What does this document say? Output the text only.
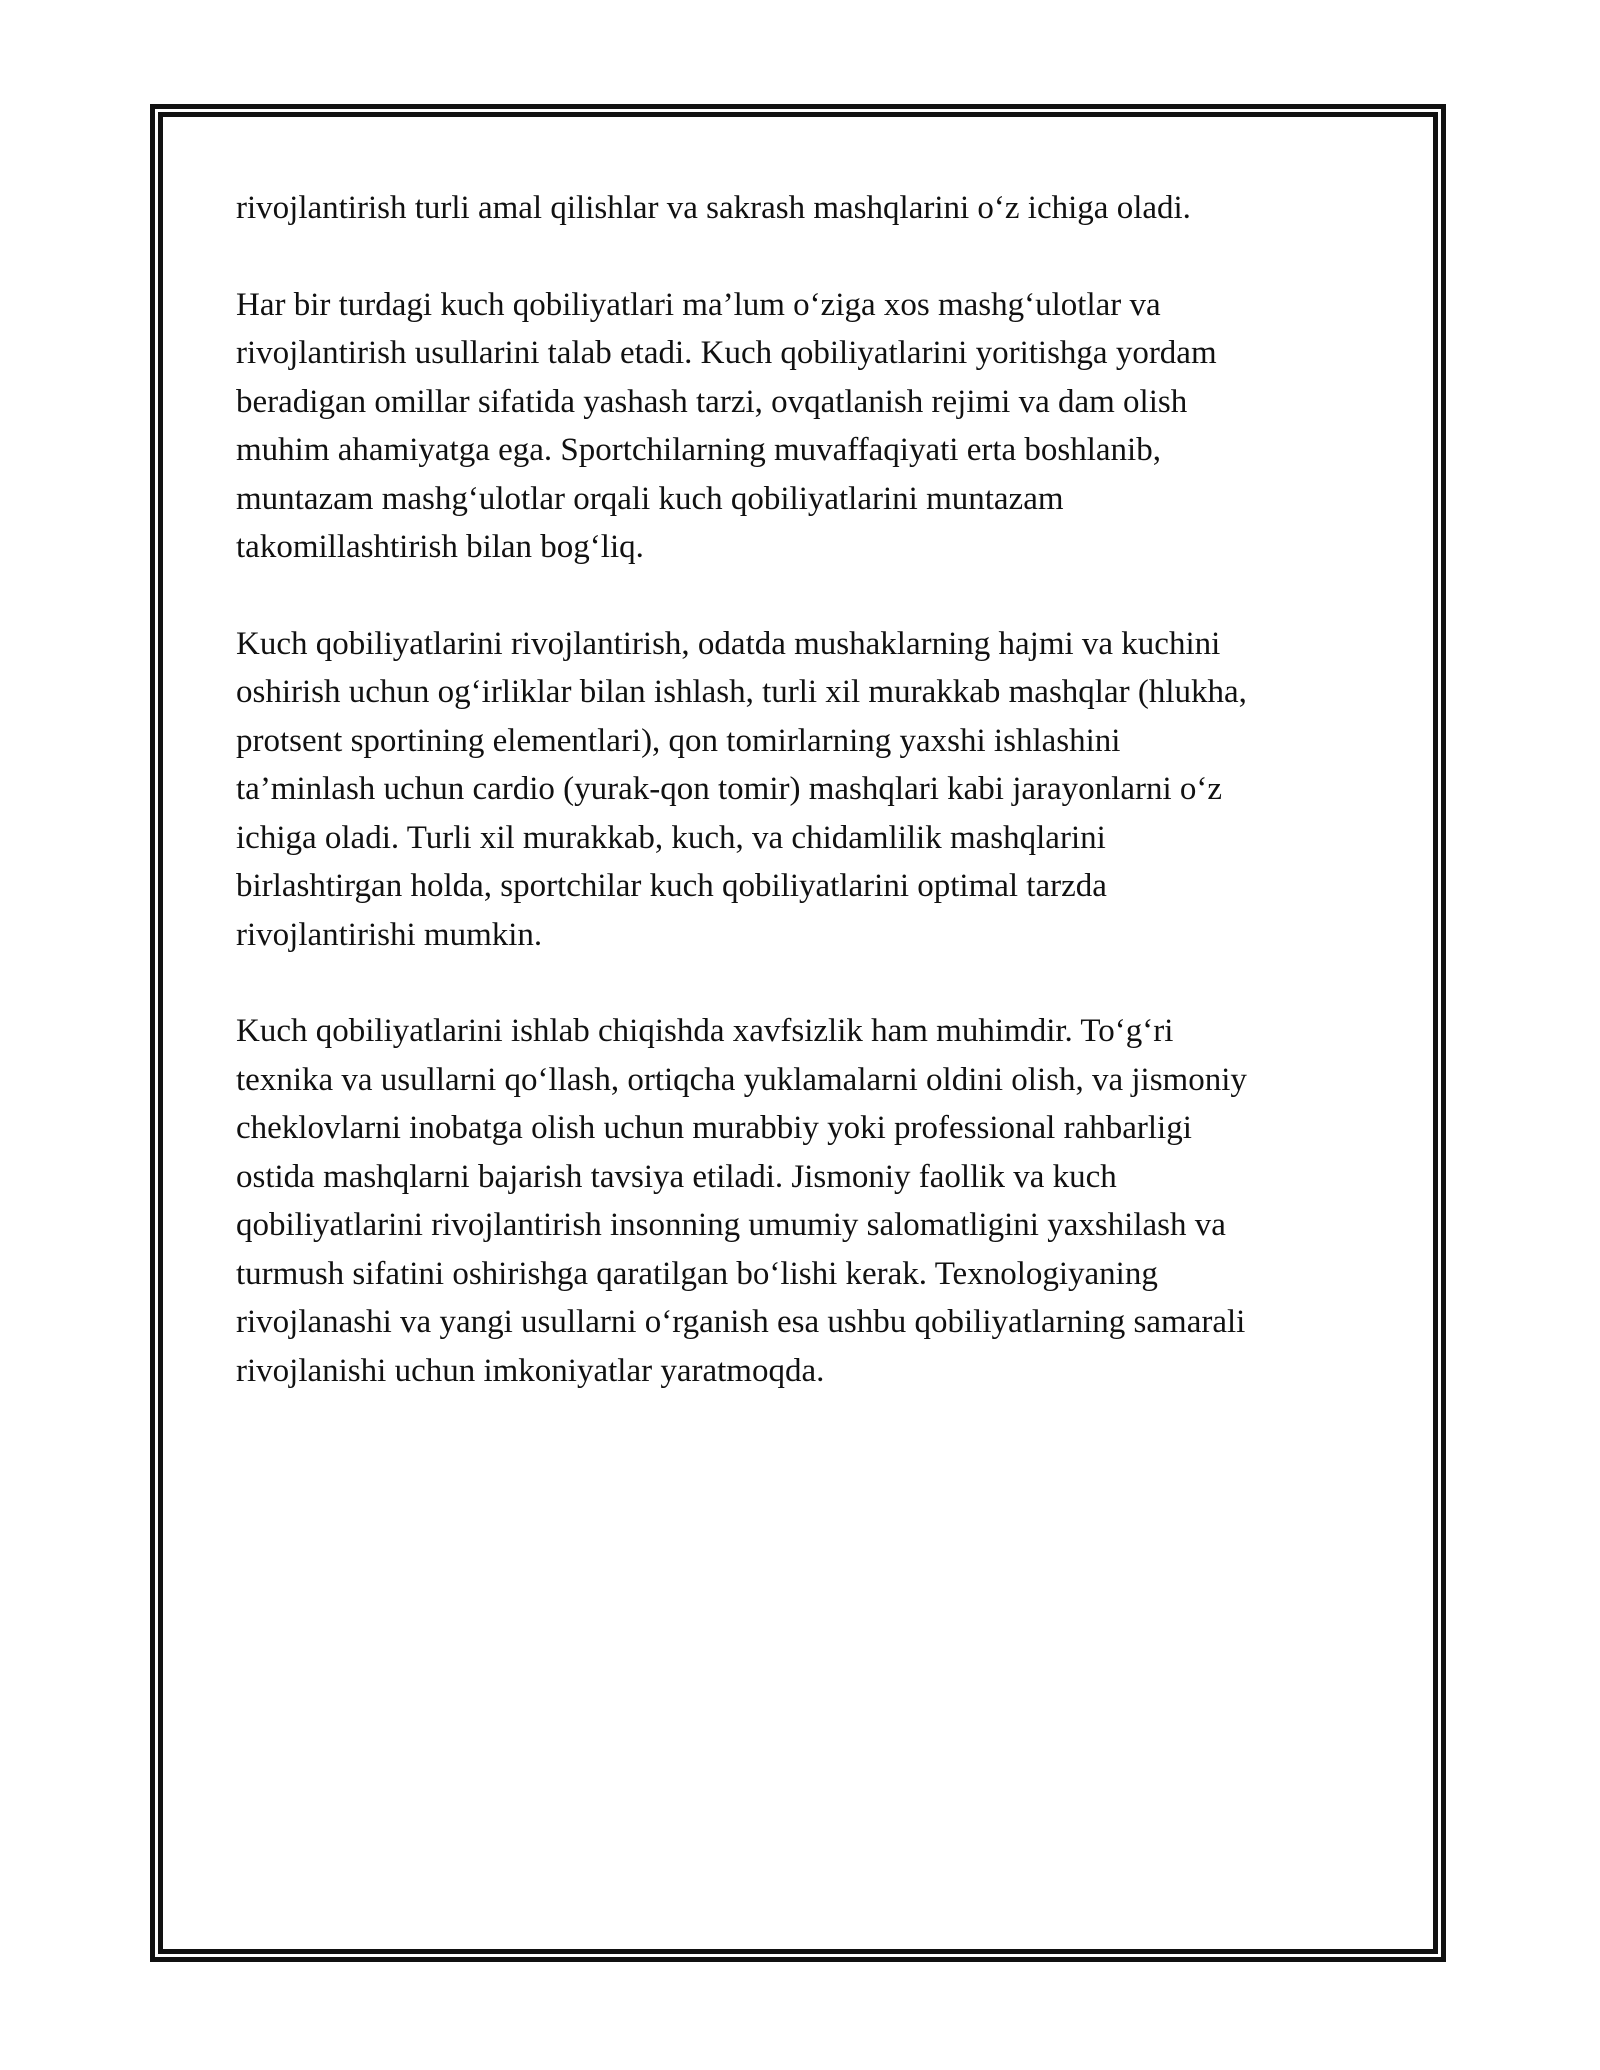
rivojlantirish turli amal qilishlar va sakrash mashqlarini o‘z ichiga oladi.

Har bir turdagi kuch qobiliyatlari ma’lum o‘ziga xos mashg‘ulotlar va
rivojlantirish usullarini talab etadi. Kuch qobiliyatlarini yoritishga yordam
beradigan omillar sifatida yashash tarzi, ovqatlanish rejimi va dam olish
muhim ahamiyatga ega. Sportchilarning muvaffaqiyati erta boshlanib,
muntazam mashg‘ulotlar orqali kuch qobiliyatlarini muntazam
takomillashtirish bilan bog‘liq.

Kuch qobiliyatlarini rivojlantirish, odatda mushaklarning hajmi va kuchini
oshirish uchun og‘irliklar bilan ishlash, turli xil murakkab mashqlar (hlukha,
protsent sportining elementlari), qon tomirlarning yaxshi ishlashini
ta’minlash uchun cardio (yurak-qon tomir) mashqlari kabi jarayonlarni o‘z
ichiga oladi. Turli xil murakkab, kuch, va chidamlilik mashqlarini
birlashtirgan holda, sportchilar kuch qobiliyatlarini optimal tarzda
rivojlantirishi mumkin.

Kuch qobiliyatlarini ishlab chiqishda xavfsizlik ham muhimdir. To‘g‘ri
texnika va usullarni qo‘llash, ortiqcha yuklamalarni oldini olish, va jismoniy
cheklovlarni inobatga olish uchun murabbiy yoki professional rahbarligi
ostida mashqlarni bajarish tavsiya etiladi. Jismoniy faollik va kuch
qobiliyatlarini rivojlantirish insonning umumiy salomatligini yaxshilash va
turmush sifatini oshirishga qaratilgan bo‘lishi kerak. Texnologiyaning
rivojlanashi va yangi usullarni o‘rganish esa ushbu qobiliyatlarning samarali
rivojlanishi uchun imkoniyatlar yaratmoqda.
